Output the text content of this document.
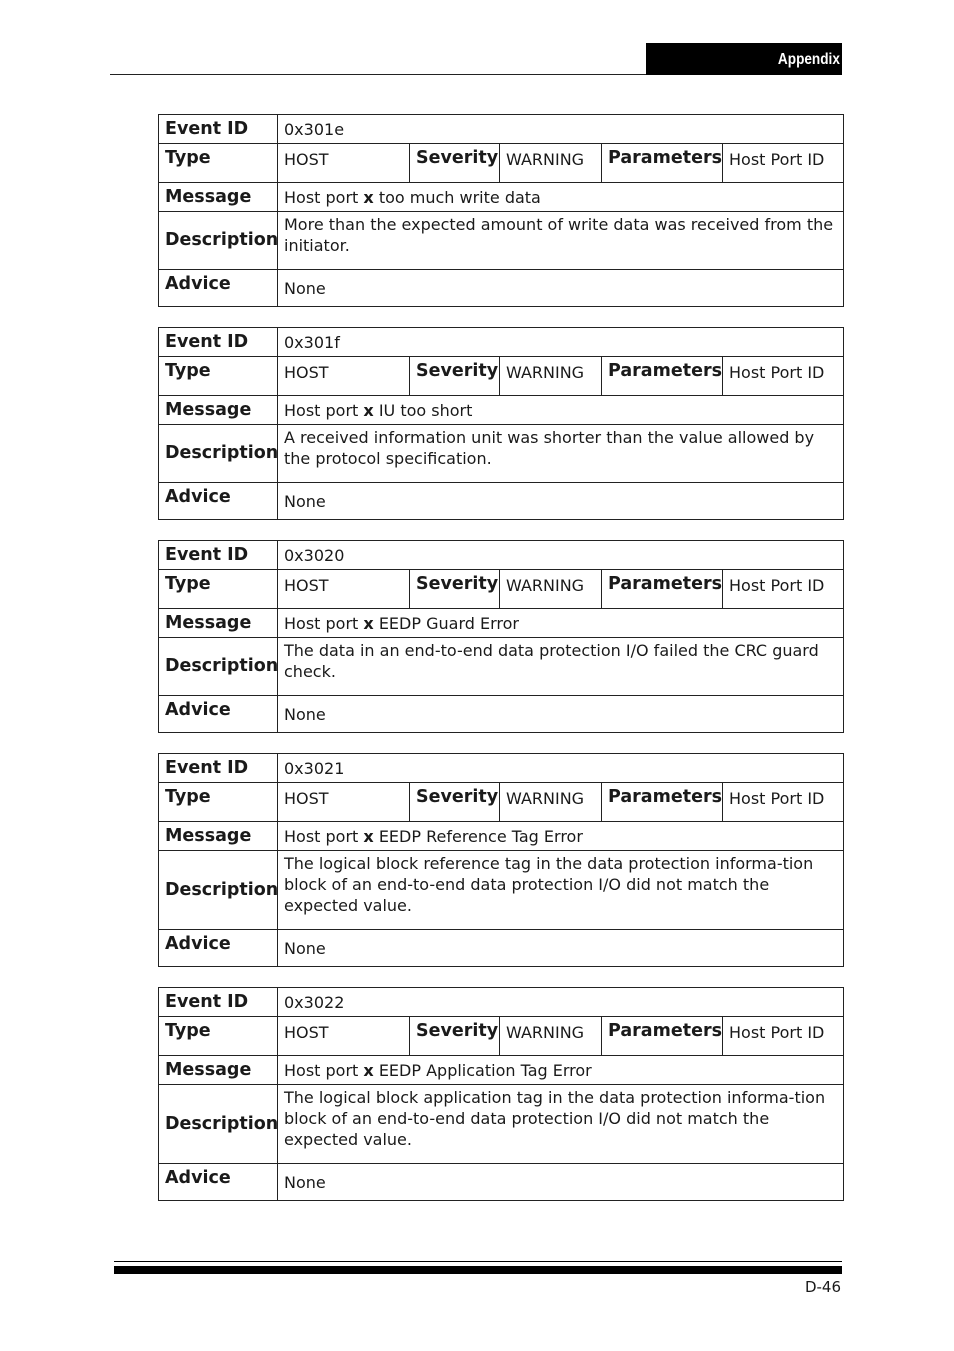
Appendix
Event ID	0x301e				
Type	HOST	Severity	WARNING	Parameters	Host Port ID
Message	Host port x too much write data				
Description	More than the expected amount of write data was received from the initiator.				
Advice	None				
Event ID	0x301f				
Type	HOST	Severity	WARNING	Parameters	Host Port ID
Message	Host port x IU too short				
Description	A received information unit was shorter than the value allowed by the protocol specification.				
Advice	None				
Event ID	0x3020				
Type	HOST	Severity	WARNING	Parameters	Host Port ID
Message	Host port x EEDP Guard Error				
Description	The data in an end-to-end data protection I/O failed the CRC guard check.				
Advice	None				
Event ID	0x3021				
Type	HOST	Severity	WARNING	Parameters	Host Port ID
Message	Host port x EEDP Reference Tag Error				
Description	The logical block reference tag in the data protection informa-tion block of an end-to-end data protection I/O did not match the expected value.				
Advice	None				
Event ID	0x3022				
Type	HOST	Severity	WARNING	Parameters	Host Port ID
Message	Host port x EEDP Application Tag Error				
Description	The logical block application tag in the data protection informa-tion block of an end-to-end data protection I/O did not match the expected value.				
Advice	None				
D-46
